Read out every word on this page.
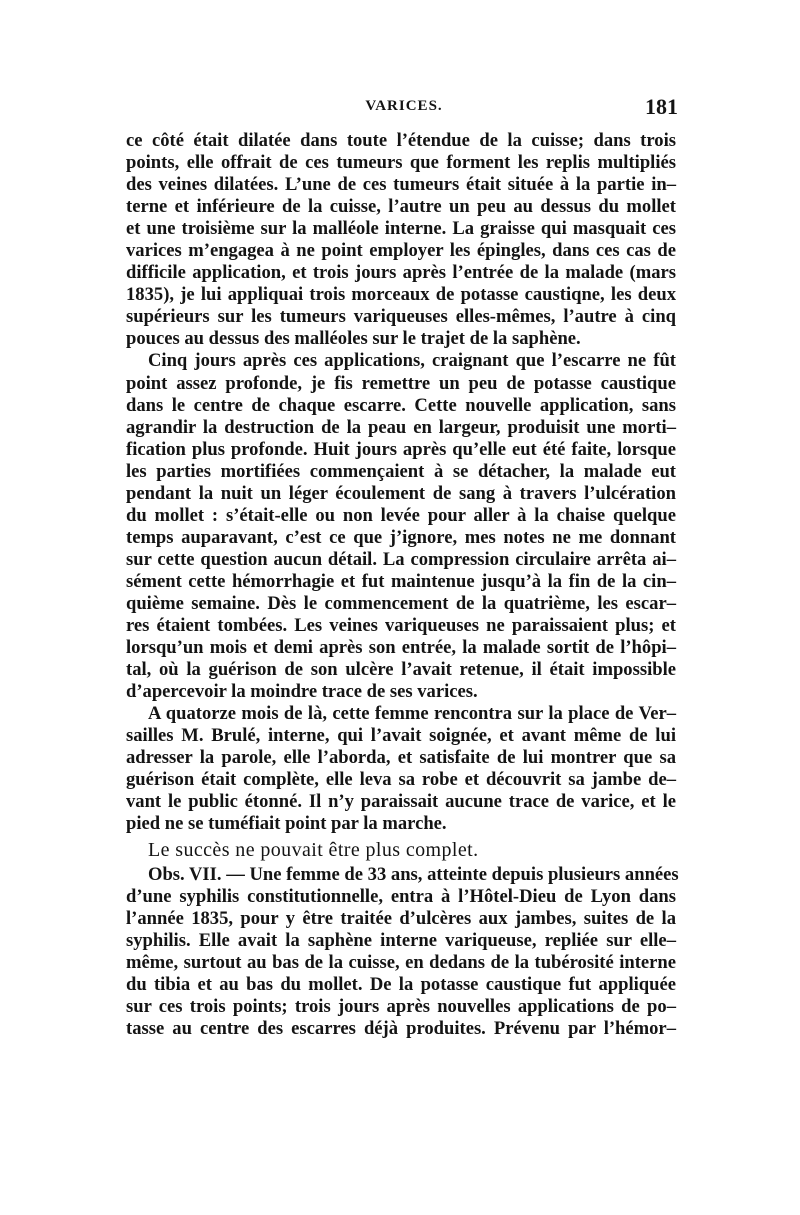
VARICES.	181
ce côté était dilatée dans toute l’étendue de la cuisse; dans trois
points, elle offrait de ces tumeurs que forment les replis multipliés
des veines dilatées. L’une de ces tumeurs était située à la partie in–
terne et inférieure de la cuisse, l’autre un peu au dessus du mollet
et une troisième sur la malléole interne. La graisse qui masquait ces
varices m’engagea à ne point employer les épingles, dans ces cas de
difficile application, et trois jours après l’entrée de la malade (mars
1835), je lui appliquai trois morceaux de potasse caustiqne, les deux
supérieurs sur les tumeurs variqueuses elles-mêmes, l’autre à cinq
pouces au dessus des malléoles sur le trajet de la saphène.
Cinq jours après ces applications, craignant que l’escarre ne fût
point assez profonde, je fis remettre un peu de potasse caustique
dans le centre de chaque escarre. Cette nouvelle application, sans
agrandir la destruction de la peau en largeur, produisit une morti–
fication plus profonde. Huit jours après qu’elle eut été faite, lorsque
les parties mortifiées commençaient à se détacher, la malade eut
pendant la nuit un léger écoulement de sang à travers l’ulcération
du mollet : s’était-elle ou non levée pour aller à la chaise quelque
temps auparavant, c’est ce que j’ignore, mes notes ne me donnant
sur cette question aucun détail. La compression circulaire arrêta ai–
sément cette hémorrhagie et fut maintenue jusqu’à la fin de la cin–
quième semaine. Dès le commencement de la quatrième, les escar–
res étaient tombées. Les veines variqueuses ne paraissaient plus; et
lorsqu’un mois et demi après son entrée, la malade sortit de l’hôpi–
tal, où la guérison de son ulcère l’avait retenue, il était impossible
d’apercevoir la moindre trace de ses varices.
A quatorze mois de là, cette femme rencontra sur la place de Ver–
sailles M. Brulé, interne, qui l’avait soignée, et avant même de lui
adresser la parole, elle l’aborda, et satisfaite de lui montrer que sa
guérison était complète, elle leva sa robe et découvrit sa jambe de–
vant le public étonné. Il n’y paraissait aucune trace de varice, et le
pied ne se tuméfiait point par la marche.
Le succès ne pouvait être plus complet.
Obs. VII. — Une femme de 33 ans, atteinte depuis plusieurs années
d’une syphilis constitutionnelle, entra à l’Hôtel-Dieu de Lyon dans
l’année 1835, pour y être traitée d’ulcères aux jambes, suites de la
syphilis. Elle avait la saphène interne variqueuse, repliée sur elle–
même, surtout au bas de la cuisse, en dedans de la tubérosité interne
du tibia et au bas du mollet. De la potasse caustique fut appliquée
sur ces trois points; trois jours après nouvelles applications de po–
tasse au centre des escarres déjà produites. Prévenu par l’hémor–
